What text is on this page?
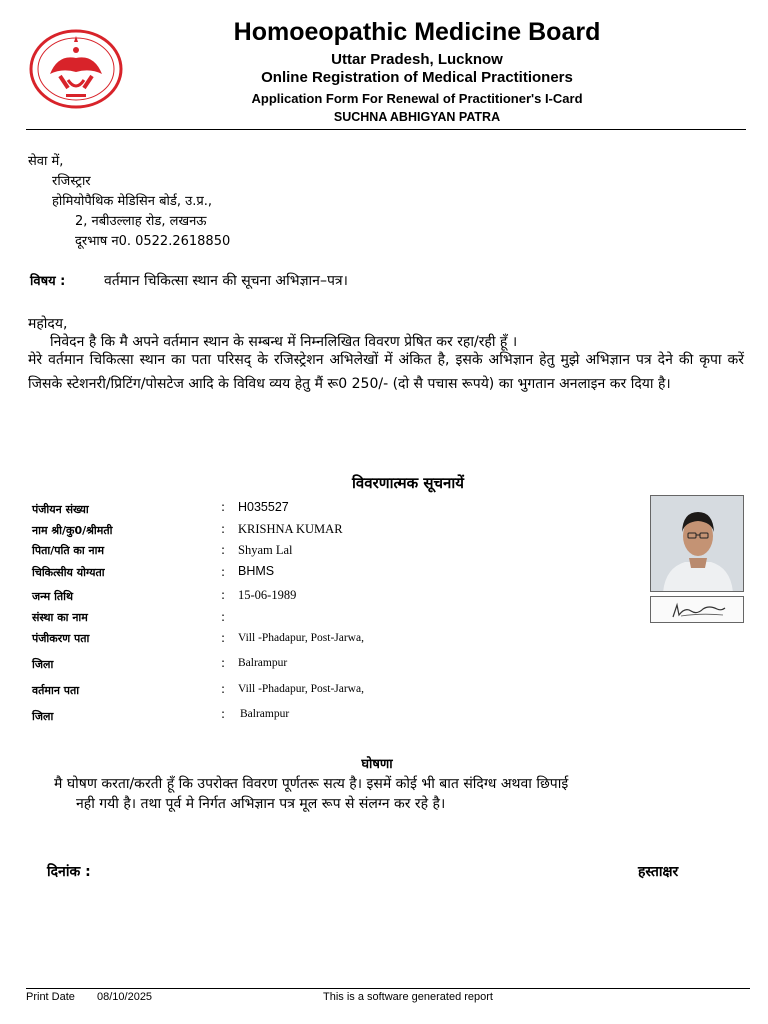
Homoeopathic Medicine Board
Uttar Pradesh, Lucknow
Online Registration of Medical Practitioners
Application Form For Renewal of Practitioner's I-Card
SUCHNA ABHIGYAN PATRA
सेवा में,
रजिस्ट्रार
होमियोपैथिक मेडिसिन बोर्ड, उ.प्र.,
2, नबीउल्लाह रोड, लखनऊ
दूरभाष न0. 0522.2618850
विषय :	वर्तमान चिकित्सा स्थान की सूचना अभिज्ञान–पत्र।
महोदय,
निवेदन है कि मै अपने वर्तमान स्थान के सम्बन्ध में निम्नलिखित विवरण प्रेषित कर रहा/रही हूँ ।
मेरे वर्तमान चिकित्सा स्थान का पता परिसद् के रजिस्ट्रेशन अभिलेखों में अंकित है, इसके अभिज्ञान हेतु मुझे अभिज्ञान पत्र देने की कृपा करें जिसके स्टेशनरी/प्रिटिंग/पोसटेज आदि के विविध व्यय हेतु मैं रू0 250/- (दो सै पचास रूपये) का भुगतान अनलाइन कर दिया है।
विवरणात्मक सूचनायें
पंजीयन संख्या	: H035527
नाम श्री/कु0/श्रीमती	: KRISHNA KUMAR
पिता/पति का नाम	: Shyam Lal
चिकित्सीय योग्यता	: BHMS
जन्म तिथि	: 15-06-1989
संस्था का नाम	:
पंजीकरण पता	: Vill -Phadapur, Post-Jarwa,
जिला	: Balrampur
वर्तमान पता	: Vill -Phadapur, Post-Jarwa,
जिला	: Balrampur
घोषणा
मै घोषण करता/करती हूँ कि उपरोक्त विवरण पूर्णतरू सत्य है। इसमें कोई भी बात संदिग्ध अथवा छिपाई
नही गयी है। तथा पूर्व मे निर्गत अभिज्ञान पत्र मूल रूप से संलग्न कर रहे है।
दिनांक :	हस्ताक्षर
Print Date 08/10/2025	This is a software generated report
